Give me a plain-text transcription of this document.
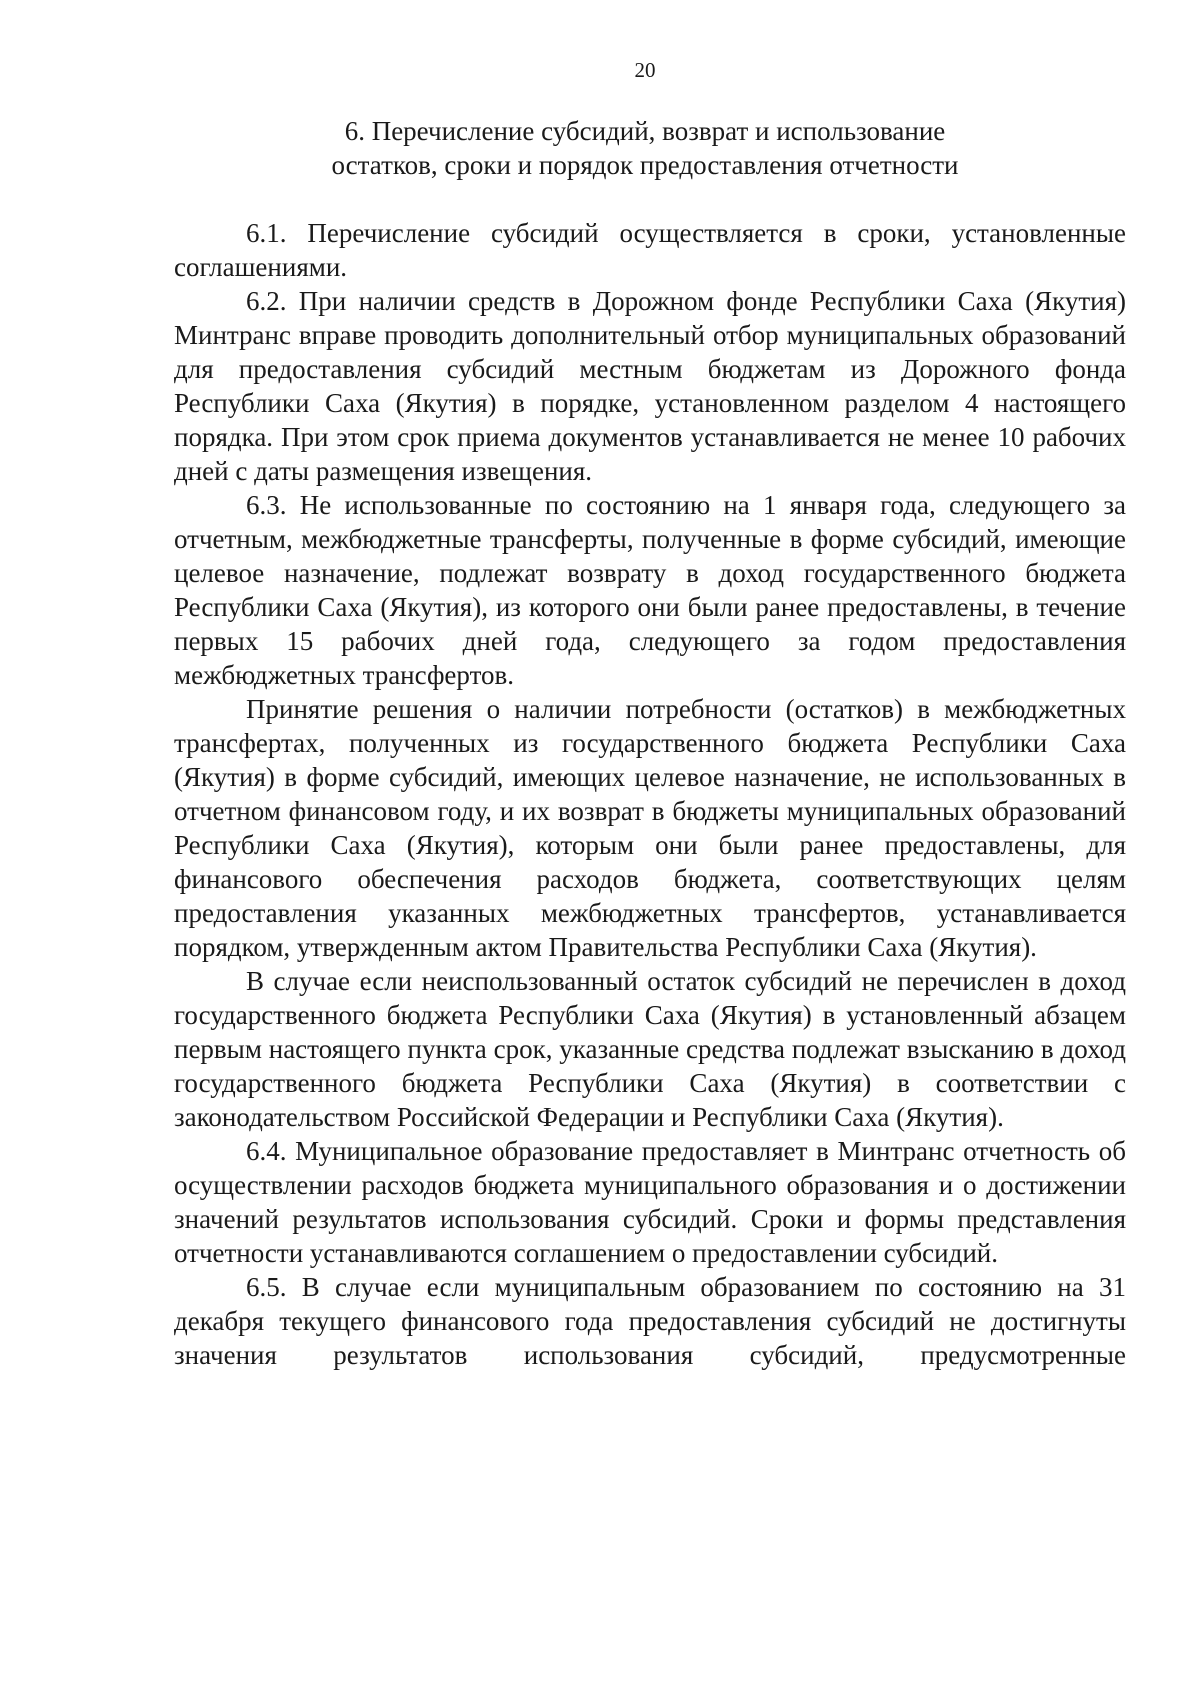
20
6. Перечисление субсидий, возврат и использование
остатков, сроки и порядок предоставления отчетности

6.1. Перечисление субсидий осуществляется в сроки, установленные соглашениями.

6.2. При наличии средств в Дорожном фонде Республики Саха (Якутия) Минтранс вправе проводить дополнительный отбор муниципальных образований для предоставления субсидий местным бюджетам из Дорожного фонда Республики Саха (Якутия) в порядке, установленном разделом 4 настоящего порядка. При этом срок приема документов устанавливается не менее 10 рабочих дней с даты размещения извещения.

6.3. Не использованные по состоянию на 1 января года, следующего за отчетным, межбюджетные трансферты, полученные в форме субсидий, имеющие целевое назначение, подлежат возврату в доход государственного бюджета Республики Саха (Якутия), из которого они были ранее предоставлены, в течение первых 15 рабочих дней года, следующего за годом предоставления межбюджетных трансфертов.

Принятие решения о наличии потребности (остатков) в межбюджетных трансфертах, полученных из государственного бюджета Республики Саха (Якутия) в форме субсидий, имеющих целевое назначение, не использованных в отчетном финансовом году, и их возврат в бюджеты муниципальных образований Республики Саха (Якутия), которым они были ранее предоставлены, для финансового обеспечения расходов бюджета, соответствующих целям предоставления указанных межбюджетных трансфертов, устанавливается порядком, утвержденным актом Правительства Республики Саха (Якутия).

В случае если неиспользованный остаток субсидий не перечислен в доход государственного бюджета Республики Саха (Якутия) в установленный абзацем первым настоящего пункта срок, указанные средства подлежат взысканию в доход государственного бюджета Республики Саха (Якутия) в соответствии с законодательством Российской Федерации и Республики Саха (Якутия).

6.4. Муниципальное образование предоставляет в Минтранс отчетность об осуществлении расходов бюджета муниципального образования и о достижении значений результатов использования субсидий. Сроки и формы представления отчетности устанавливаются соглашением о предоставлении субсидий.

6.5. В случае если муниципальным образованием по состоянию на 31 декабря текущего финансового года предоставления субсидий не достигнуты значения результатов использования субсидий, предусмотренные
